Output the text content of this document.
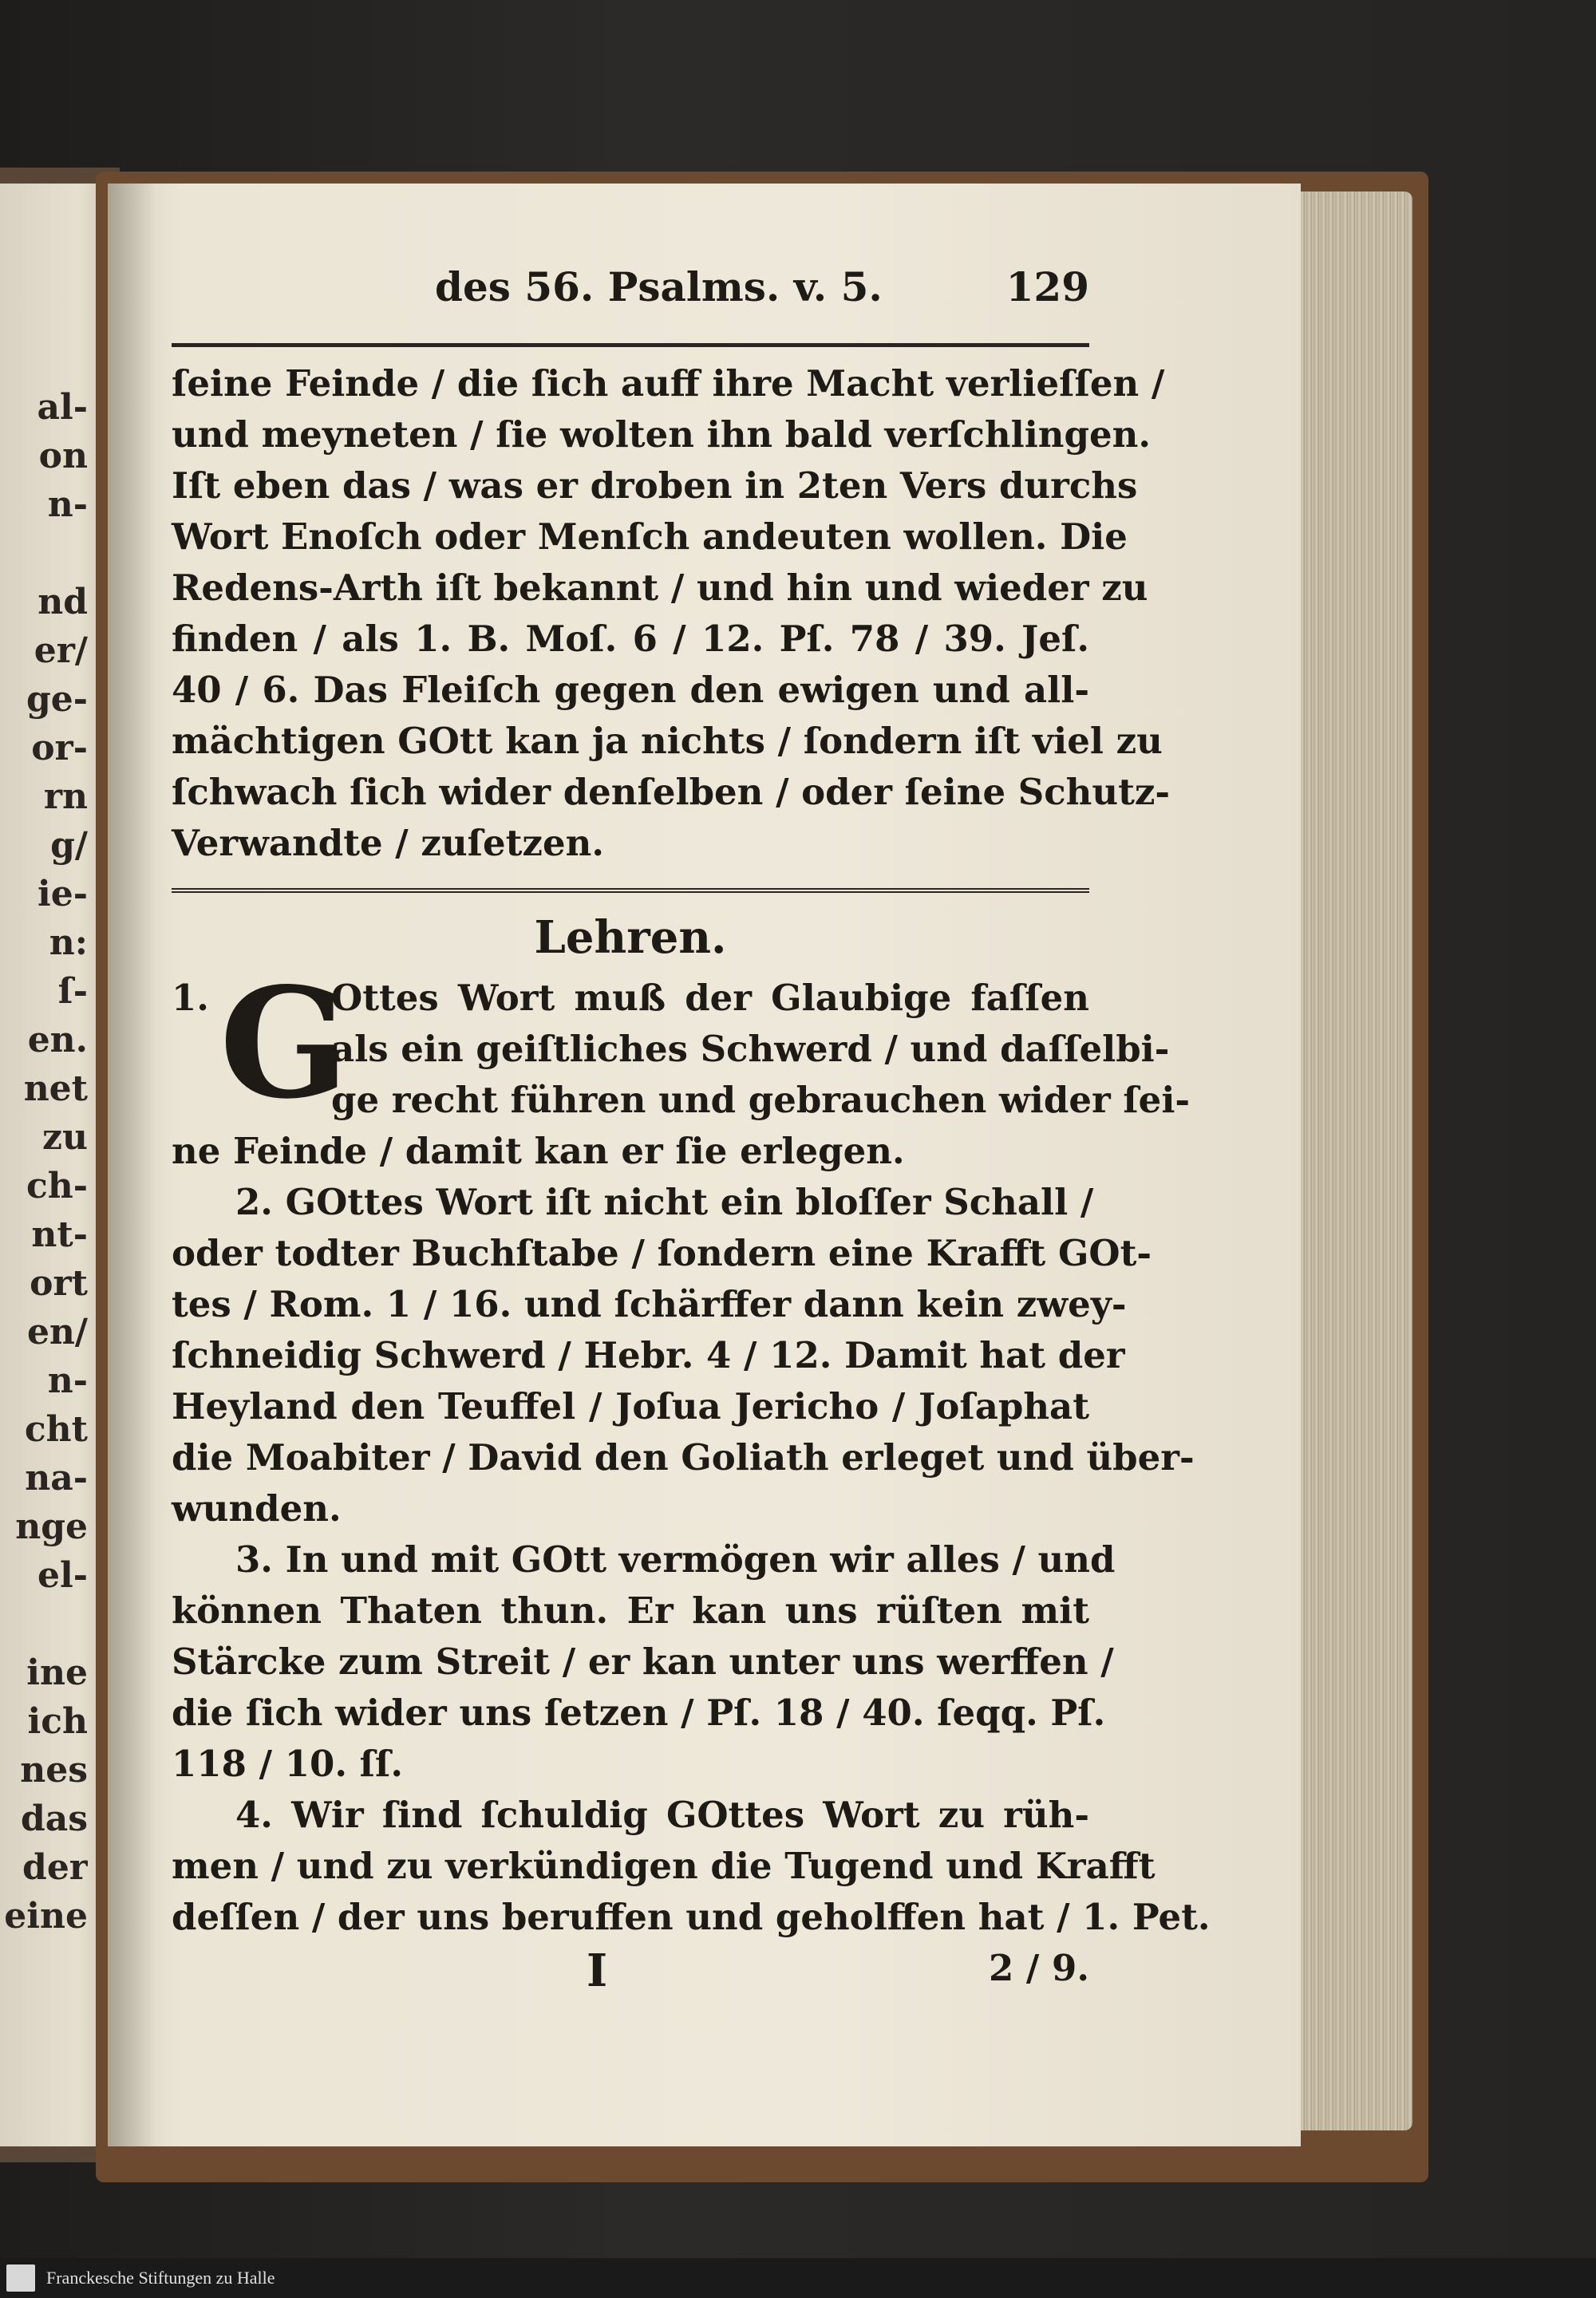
al-
on
n-

nd
er/
ge-
or-
rn
g/
ie-
n:
ſ-
en.
net
zu
ch-
nt-
ort
en/
n-
cht
na-
nge
el-

ine
ich
nes
das
der
eine
des 56. Psalms. v. 5.	129
ſeine Feinde / die ſich auff ihre Macht verlieſſen /
und meyneten / ſie wolten ihn bald verſchlingen.
Iſt eben das / was er droben in 2ten Vers durchs
Wort Enoſch oder Menſch andeuten wollen. Die
Redens-Arth iſt bekannt / und hin und wieder zu
finden / als 1. B. Moſ. 6 / 12. Pſ. 78 / 39. Jeſ.
40 / 6. Das Fleiſch gegen den ewigen und all-
mächtigen GOtt kan ja nichts / ſondern iſt viel zu
ſchwach ſich wider denſelben / oder ſeine Schutz-
Verwandte / zuſetzen.
Lehren.
1. G
Ottes Wort muß der Glaubige faſſen
als ein geiſtliches Schwerd / und daſſelbi-
ge recht führen und gebrauchen wider ſei-
ne Feinde / damit kan er ſie erlegen.
2. GOttes Wort iſt nicht ein bloſſer Schall /
oder todter Buchſtabe / ſondern eine Krafft GOt-
tes / Rom. 1 / 16. und ſchärffer dann kein zwey-
ſchneidig Schwerd / Hebr. 4 / 12. Damit hat der
Heyland den Teuffel / Joſua Jericho / Joſaphat
die Moabiter / David den Goliath erleget und über-
wunden.
3. In und mit GOtt vermögen wir alles / und
können Thaten thun. Er kan uns rüſten mit
Stärcke zum Streit / er kan unter uns werffen /
die ſich wider uns ſetzen / Pſ. 18 / 40. ſeqq. Pſ.
118 / 10. ſſ.
4. Wir ſind ſchuldig GOttes Wort zu rüh-
men / und zu verkündigen die Tugend und Krafft
deſſen / der uns beruffen und geholffen hat / 1. Pet.
I	2 / 9.
Franckesche Stiftungen zu Halle
